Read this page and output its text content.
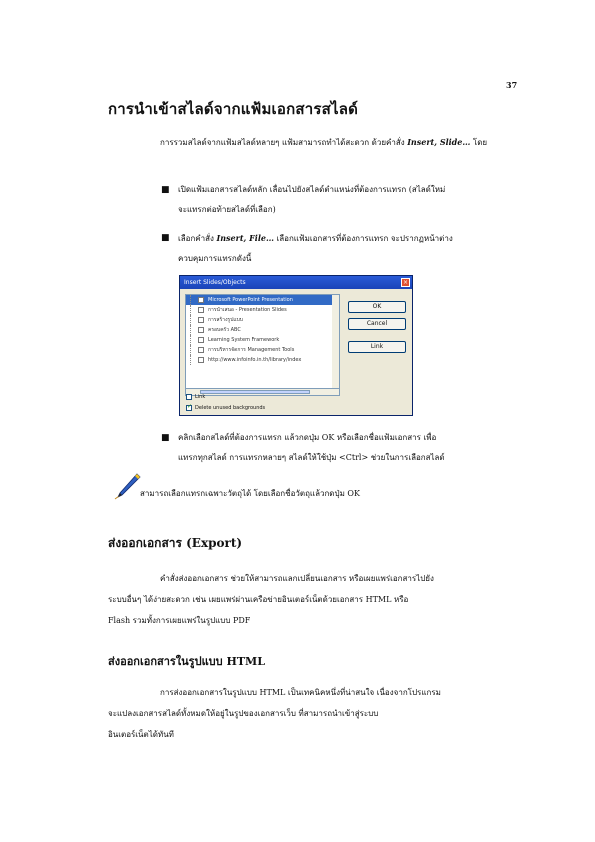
37
การนำเข้าสไลด์จากแฟ้มเอกสารสไลด์
การรวมสไลด์จากแฟ้มสไลด์หลายๆ แฟ้มสามารถทำได้สะดวก ด้วยคำสั่ง Insert, Slide… โดย
■ เปิดแฟ้มเอกสารสไลด์หลัก เลื่อนไปยังสไลด์ตำแหน่งที่ต้องการแทรก (สไลด์ใหม่
จะแทรกต่อท้ายสไลด์ที่เลือก)
■ เลือกคำสั่ง Insert, File… เลือกแฟ้มเอกสารที่ต้องการแทรก จะปรากฏหน้าต่าง
ควบคุมการแทรกดังนี้
Insert Slides/Objects	×
Microsoft PowerPoint Presentation
การนำเสนอ - Presentation Slides
การสร้างรูปแบบ
ครอบครัว ABC
Learning System Framework
การบริหารจัดการ Management Tools
http://www.infoinfo.in.th/library/index
OK
Cancel
Link
Link
✓Delete unused backgrounds
■ คลิกเลือกสไลด์ที่ต้องการแทรก แล้วกดปุ่ม OK หรือเลือกชื่อแฟ้มเอกสาร เพื่อ
แทรกทุกสไลด์ การแทรกหลายๆ สไลด์ให้ใช้ปุ่ม <Ctrl> ช่วยในการเลือกสไลด์
สามารถเลือกแทรกเฉพาะวัตถุได้ โดยเลือกชื่อวัตถุแล้วกดปุ่ม OK
ส่งออกเอกสาร (Export)
คำสั่งส่งออกเอกสาร ช่วยให้สามารถแลกเปลี่ยนเอกสาร หรือเผยแพร่เอกสารไปยัง
ระบบอื่นๆ ได้ง่ายสะดวก เช่น เผยแพร่ผ่านเครือข่ายอินเตอร์เน็ตด้วยเอกสาร HTML หรือ
Flash รวมทั้งการเผยแพร่ในรูปแบบ PDF
ส่งออกเอกสารในรูปแบบ HTML
การส่งออกเอกสารในรูปแบบ HTML เป็นเทคนิคหนึ่งที่น่าสนใจ เนื่องจากโปรแกรม
จะแปลงเอกสารสไลด์ทั้งหมดให้อยู่ในรูปของเอกสารเว็บ ที่สามารถนำเข้าสู่ระบบ
อินเตอร์เน็ตได้ทันที
